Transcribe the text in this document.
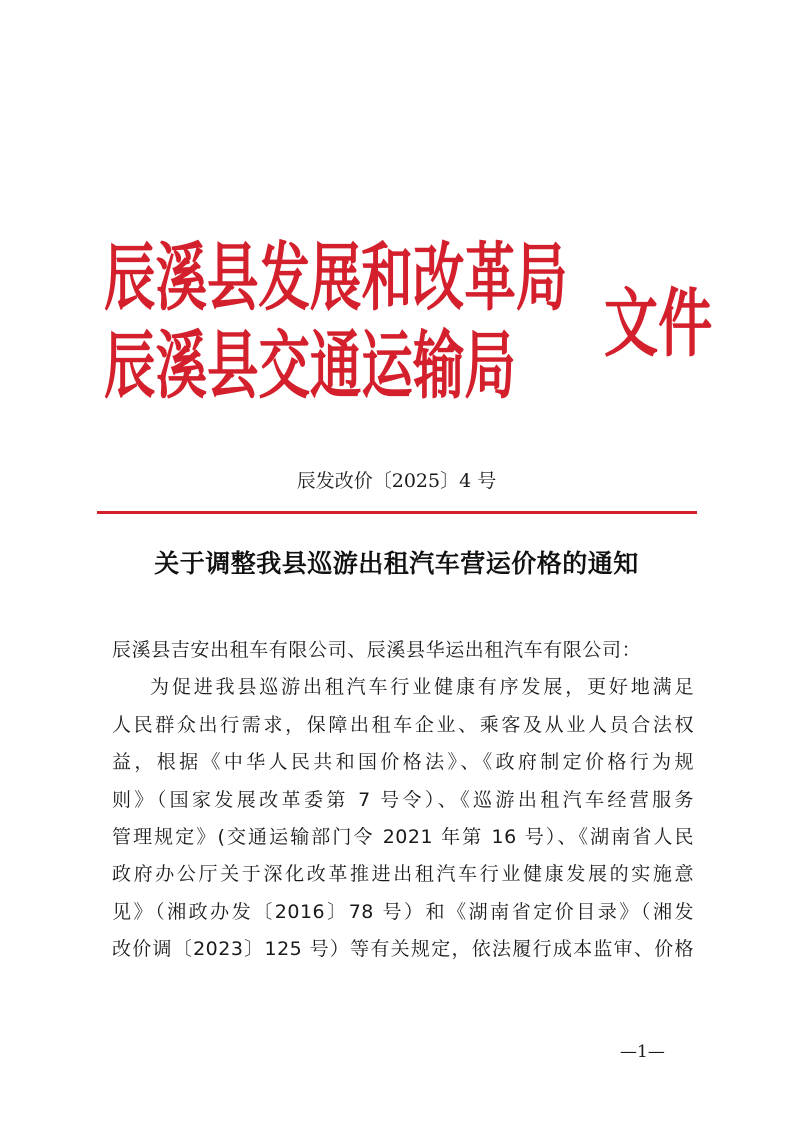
辰溪县发展和改革局
辰溪县交通运输局 文件
辰发改价〔2025〕4 号
关于调整我县巡游出租汽车营运价格的通知
辰溪县吉安出租车有限公司、辰溪县华运出租汽车有限公司：
为促进我县巡游出租汽车行业健康有序发展，更好地满足
人民群众出行需求，保障出租车企业、乘客及从业人员合法权
益，根据《中华人民共和国价格法》、《政府制定价格行为规
则》（国家发展改革委第 7 号令）、《巡游出租汽车经营服务
管理规定》(交通运输部门令 2021 年第 16 号）、《湖南省人民
政府办公厅关于深化改革推进出租汽车行业健康发展的实施意
见》（湘政办发〔2016〕78 号）和《湖南省定价目录》（湘发
改价调〔2023〕125 号）等有关规定，依法履行成本监审、价格
—1—
